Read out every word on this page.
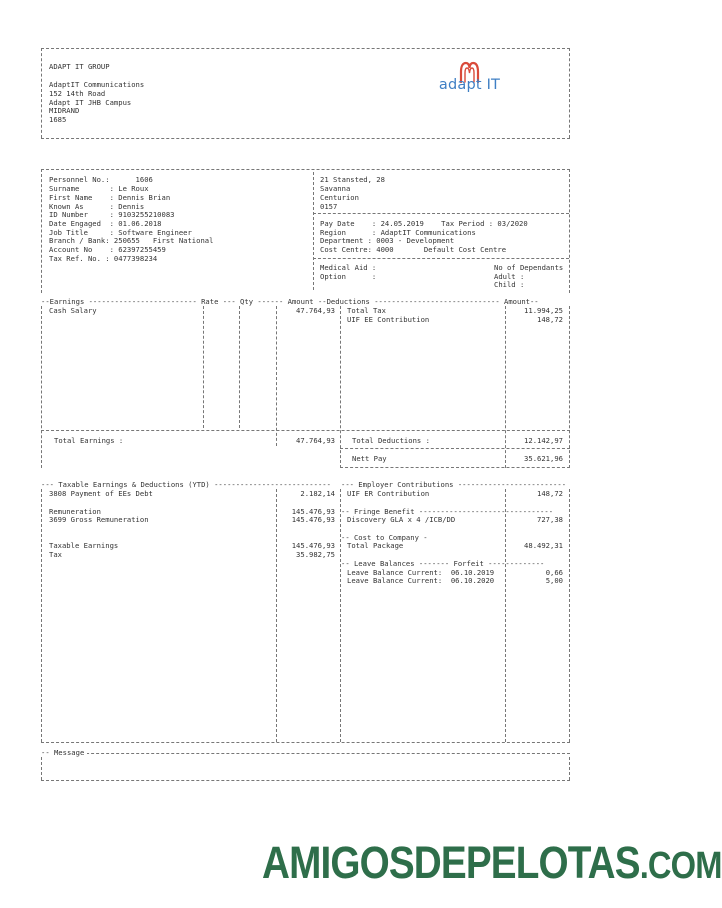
ADAPT IT GROUP
AdaptIT Communications
152 14th Road
Adapt IT JHB Campus
MIDRAND
1685
adapt IT
Personnel No.:      1606
Surname       : Le Roux
First Name    : Dennis Brian
Known As      : Dennis
ID Number     : 9103255210083
Date Engaged  : 01.06.2018
Job Title     : Software Engineer
Branch / Bank: 250655   First National
Account No    : 62397255459
Tax Ref. No. : 0477398234
21 Stansted, 28
Savanna
Centurion
0157
Pay Date    : 24.05.2019    Tax Period : 03/2020
Region      : AdaptIT Communications
Department : 0003 - Development
Cost Centre: 4000       Default Cost Centre
Medical Aid :
Option      :
No of Dependants
Adult :
Child :
--Earnings ------------------------- Rate --- Qty ------ Amount --Deductions ----------------------------- Amount--
Cash Salary	47.764,93 Total Tax	11.994,25
UIF EE Contribution	148,72
Total Earnings :	47.764,93 Total Deductions :	12.142,97
Nett Pay	35.621,96
--- Taxable Earnings & Deductions (YTD) ---------------------------	--- Employer Contributions -------------------------
3808 Payment of EEs Debt	2.182,14
Remuneration	145.476,93
3699 Gross Remuneration	145.476,93
Taxable Earnings	145.476,93
Tax	35.982,75
UIF ER Contribution	148,72
-- Fringe Benefit -------------------------------
Discovery GLA x 4 /ICB/DD	727,38
-- Cost to Company -
Total Package	48.492,31
-- Leave Balances ------- Forfeit -------------
Leave Balance Current:  06.10.2019	0,66
Leave Balance Current:  06.10.2020	5,00
-- Message
AMIGOSDEPELOTAS.COM
